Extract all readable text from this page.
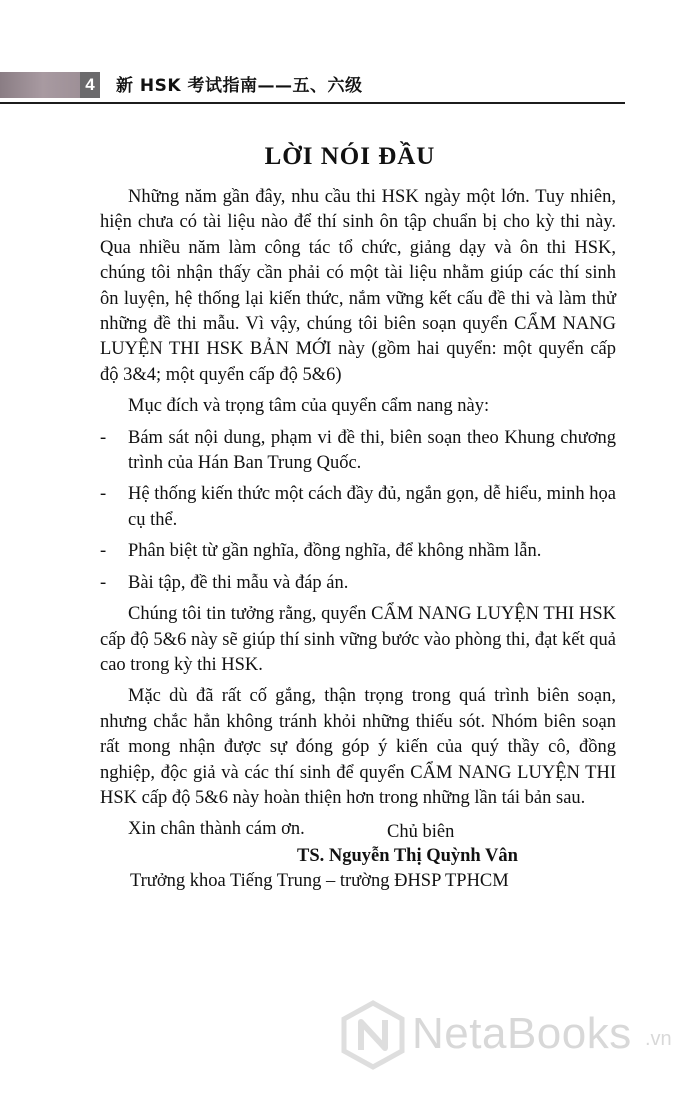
4	新 HSK 考试指南——五、六级
LỜI NÓI ĐẦU

Những năm gần đây, nhu cầu thi HSK ngày một lớn. Tuy nhiên, hiện chưa có tài liệu nào để thí sinh ôn tập chuẩn bị cho kỳ thi này. Qua nhiều năm làm công tác tổ chức, giảng dạy và ôn thi HSK, chúng tôi nhận thấy cần phải có một tài liệu nhằm giúp các thí sinh ôn luyện, hệ thống lại kiến thức, nắm vững kết cấu đề thi và làm thử những đề thi mẫu. Vì vậy, chúng tôi biên soạn quyển CẨM NANG LUYỆN THI HSK BẢN MỚI này (gồm hai quyển: một quyển cấp độ 3&4; một quyển cấp độ 5&6)

Mục đích và trọng tâm của quyển cẩm nang này:

-	Bám sát nội dung, phạm vi đề thi, biên soạn theo Khung chương trình của Hán Ban Trung Quốc.
-	Hệ thống kiến thức một cách đầy đủ, ngắn gọn, dễ hiểu, minh họa cụ thể.
-	Phân biệt từ gần nghĩa, đồng nghĩa, để không nhầm lẫn.
-	Bài tập, đề thi mẫu và đáp án.

Chúng tôi tin tưởng rằng, quyển CẨM NANG LUYỆN THI HSK cấp độ 5&6 này sẽ giúp thí sinh vững bước vào phòng thi, đạt kết quả cao trong kỳ thi HSK.

Mặc dù đã rất cố gắng, thận trọng trong quá trình biên soạn, nhưng chắc hẳn không tránh khỏi những thiếu sót. Nhóm biên soạn rất mong nhận được sự đóng góp ý kiến của quý thầy cô, đồng nghiệp, độc giả và các thí sinh để quyển CẨM NANG LUYỆN THI HSK cấp độ 5&6 này hoàn thiện hơn trong những lần tái bản sau.

Xin chân thành cám ơn.	Chủ biên
TS. Nguyễn Thị Quỳnh Vân
Trưởng khoa Tiếng Trung – trường ĐHSP TPHCM
NetaBooks .vn
